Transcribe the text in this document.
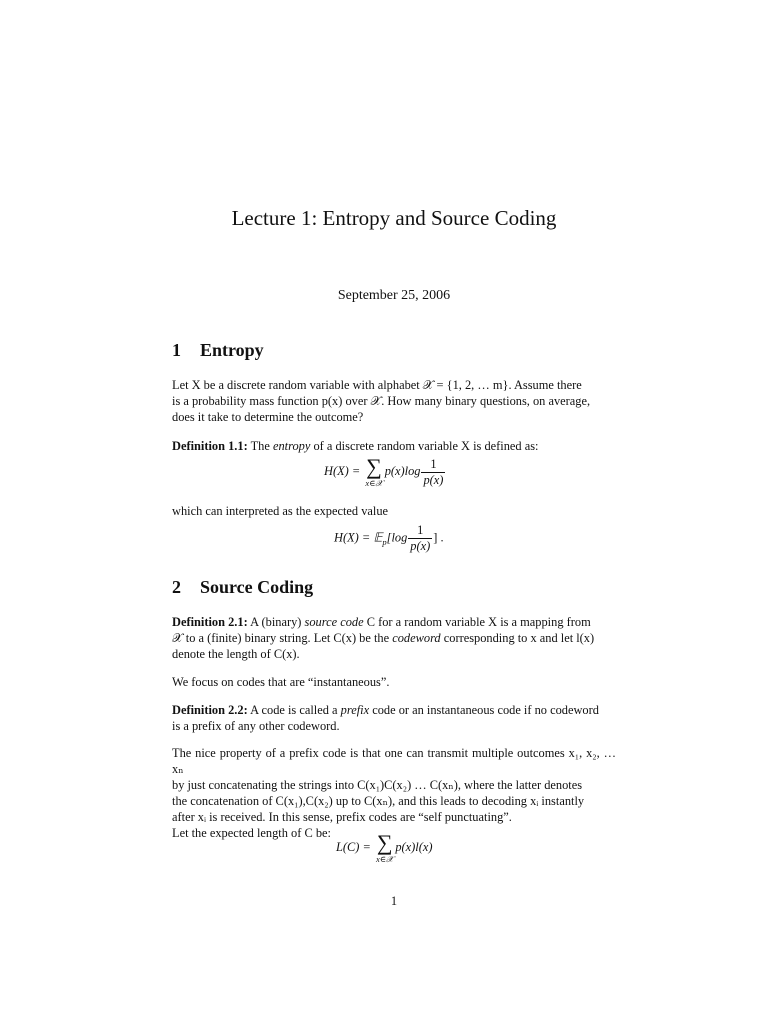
Lecture 1: Entropy and Source Coding
September 25, 2006
1 Entropy
Let X be a discrete random variable with alphabet 𝒳 = {1, 2, … m}. Assume there
is a probability mass function p(x) over 𝒳. How many binary questions, on average,
does it take to determine the outcome?
Definition 1.1: The entropy of a discrete random variable X is defined as:
H(X) = ∑
x∈𝒳
$p(x)\log \frac{1}{p(x)}$
which can interpreted as the expected value
H(X) = 𝔼$_p$[log $\frac{1}{p(x)}$ ] .
2 Source Coding
Definition 2.1: A (binary) source code C for a random variable X is a mapping from
𝒳 to a (finite) binary string. Let C(x) be the codeword corresponding to x and let l(x)
denote the length of C(x).
We focus on codes that are “instantaneous”.
Definition 2.2: A code is called a prefix code or an instantaneous code if no codeword
is a prefix of any other codeword.
The nice property of a prefix code is that one can transmit multiple outcomes x₁, x₂, … xₙ
by just concatenating the strings into C(x₁)C(x₂) … C(xₙ), where the latter denotes
the concatenation of C(x₁),C(x₂) up to C(xₙ), and this leads to decoding xᵢ instantly
after xᵢ is received. In this sense, prefix codes are “self punctuating”.
Let the expected length of C be:
L(C) = ∑
x∈𝒳
p(x)l(x)
1
